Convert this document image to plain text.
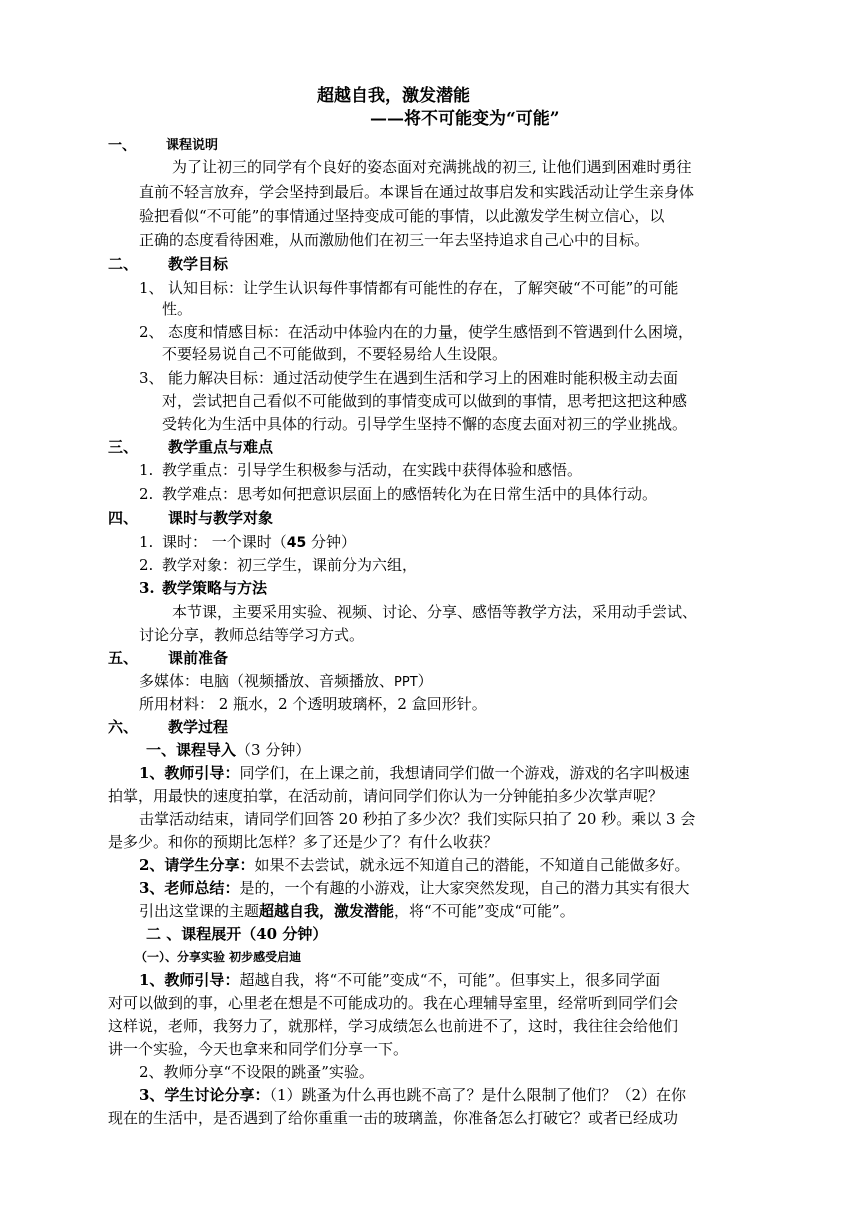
超越自我，激发潜能
——将不可能变为“可能”
一、 课程说明
为了让初三的同学有个良好的姿态面对充满挑战的初三, 让他们遇到困难时勇往
直前不轻言放弃，学会坚持到最后。本课旨在通过故事启发和实践活动让学生亲身体
验把看似“不可能”的事情通过坚持变成可能的事情，以此激发学生树立信心，以
正确的态度看待困难，从而激励他们在初三一年去坚持追求自己心中的目标。
二、 教学目标
1、 认知目标：让学生认识每件事情都有可能性的存在，了解突破“不可能”的可能
性。
2、 态度和情感目标：在活动中体验内在的力量，使学生感悟到不管遇到什么困境，
不要轻易说自己不可能做到，不要轻易给人生设限。
3、 能力解决目标：通过活动使学生在遇到生活和学习上的困难时能积极主动去面
对，尝试把自己看似不可能做到的事情变成可以做到的事情，思考把这把这种感
受转化为生活中具体的行动。引导学生坚持不懈的态度去面对初三的学业挑战。
三、 教学重点与难点
1. 教学重点：引导学生积极参与活动，在实践中获得体验和感悟。
2. 教学难点：思考如何把意识层面上的感悟转化为在日常生活中的具体行动。
四、 课时与教学对象
1. 课时： 一个课时（45 分钟）
2. 教学对象：初三学生，课前分为六组，
3. 教学策略与方法
本节课，主要采用实验、视频、讨论、分享、感悟等教学方法，采用动手尝试、
讨论分享，教师总结等学习方式。
五、 课前准备
多媒体：电脑（视频播放、音频播放、PPT）
所用材料： 2 瓶水，2 个透明玻璃杯，2 盒回形针。
六、 教学过程
一、课程导入（3 分钟）
1、教师引导：同学们，在上课之前，我想请同学们做一个游戏，游戏的名字叫极速
拍掌，用最快的速度拍掌，在活动前，请问同学们你认为一分钟能拍多少次掌声呢？
击掌活动结束，请同学们回答 20 秒拍了多少次？我们实际只拍了 20 秒。乘以 3 会
是多少。和你的预期比怎样？多了还是少了？有什么收获？
2、请学生分享：如果不去尝试，就永远不知道自己的潜能，不知道自己能做多好。
3、老师总结：是的，一个有趣的小游戏，让大家突然发现，自己的潜力其实有很大
引出这堂课的主题超越自我，激发潜能，将“不可能”变成“可能”。
二 、课程展开（40 分钟）
（一）、分享实验 初步感受启迪
1、教师引导：超越自我，将“不可能”变成“不，可能”。但事实上，很多同学面
对可以做到的事，心里老在想是不可能成功的。我在心理辅导室里，经常听到同学们会
这样说，老师，我努力了，就那样，学习成绩怎么也前进不了，这时，我往往会给他们
讲一个实验，今天也拿来和同学们分享一下。
2、教师分享“不设限的跳蚤”实验。
3、学生讨论分享：（1）跳蚤为什么再也跳不高了？是什么限制了他们？（2）在你
现在的生活中，是否遇到了给你重重一击的玻璃盖，你准备怎么打破它？或者已经成功
